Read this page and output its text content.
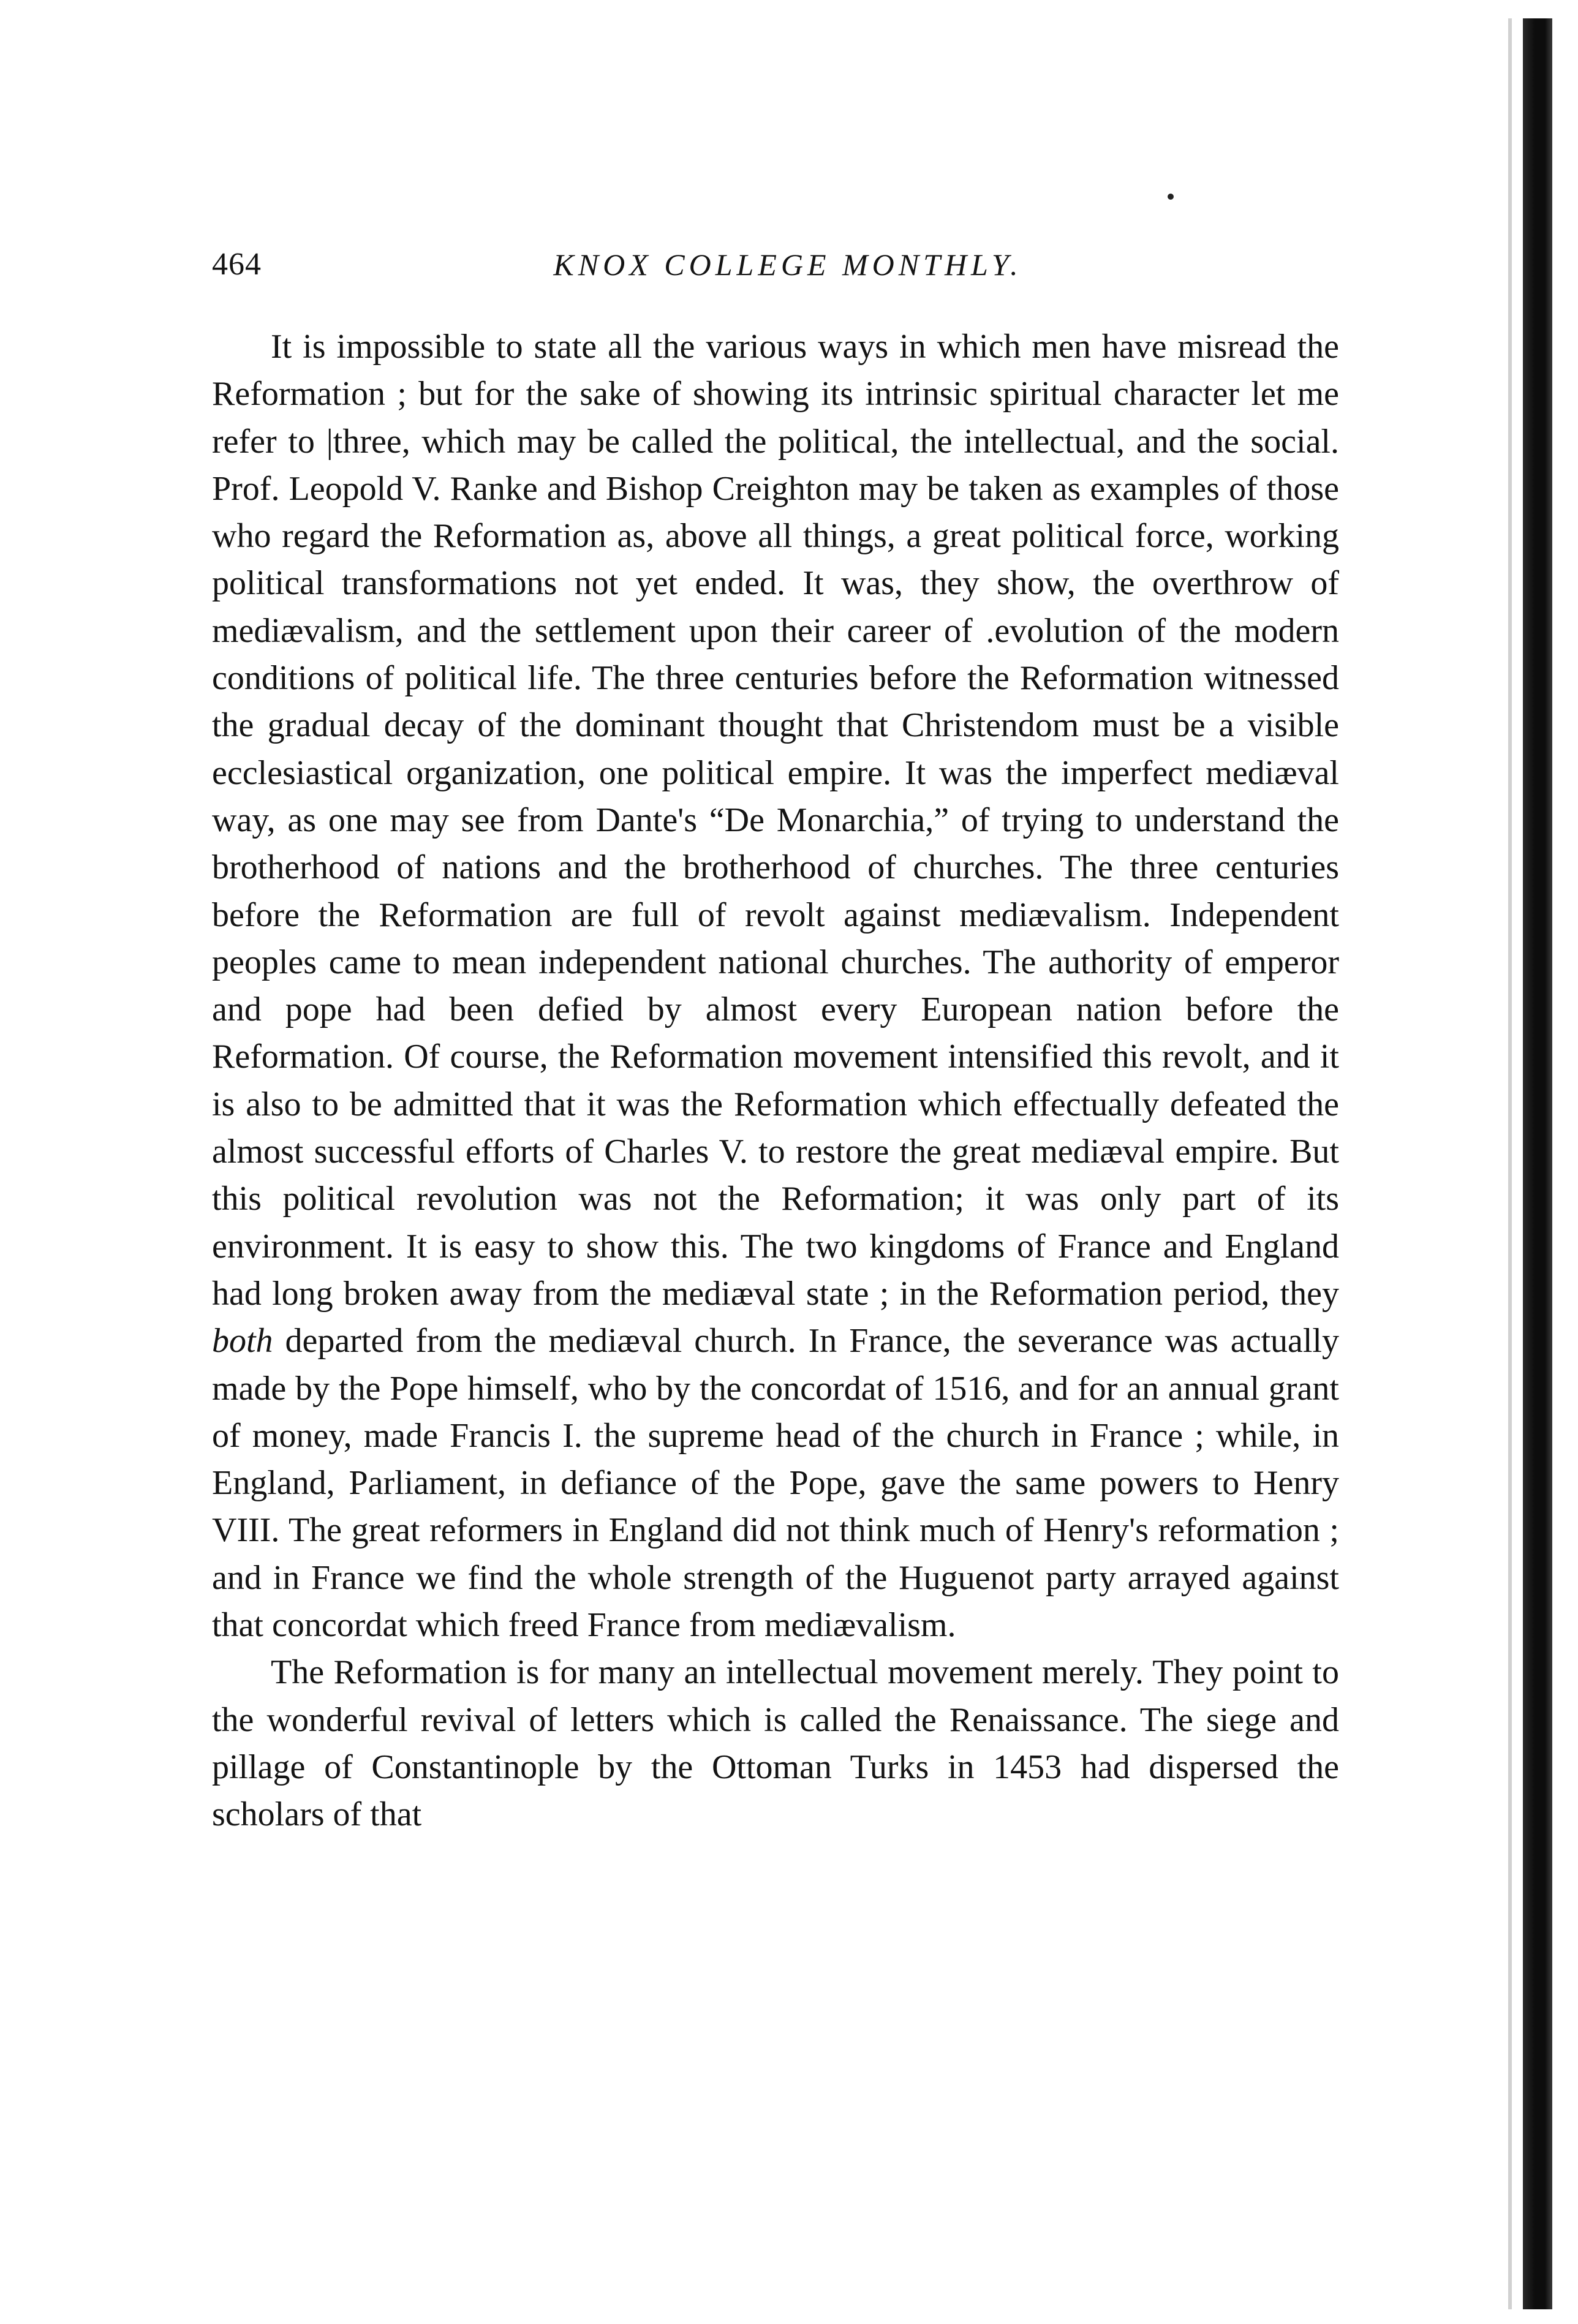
464	KNOX COLLEGE MONTHLY.

It is impossible to state all the various ways in which men have misread the Reformation ; but for the sake of showing its intrinsic spiritual character let me refer to |three, which may be called the political, the intellectual, and the social. Prof. Leopold V. Ranke and Bishop Creighton may be taken as examples of those who regard the Reformation as, above all things, a great political force, working political transformations not yet ended. It was, they show, the overthrow of mediævalism, and the settlement upon their career of .evolution of the modern conditions of political life. The three centuries before the Reformation witnessed the gradual decay of the dominant thought that Christendom must be a visible ecclesiastical organization, one political empire. It was the imperfect mediæval way, as one may see from Dante's “De Monarchia,” of trying to understand the brotherhood of nations and the brotherhood of churches. The three centuries before the Reformation are full of revolt against mediævalism. Independent peoples came to mean independent national churches. The authority of emperor and pope had been defied by almost every European nation before the Reformation. Of course, the Reformation movement intensified this revolt, and it is also to be admitted that it was the Reformation which effectually defeated the almost successful efforts of Charles V. to restore the great mediæval empire. But this political revolution was not the Reformation; it was only part of its environment. It is easy to show this. The two kingdoms of France and England had long broken away from the mediæval state ; in the Reformation period, they both departed from the mediæval church. In France, the severance was actually made by the Pope himself, who by the concordat of 1516, and for an annual grant of money, made Francis I. the supreme head of the church in France ; while, in England, Parliament, in defiance of the Pope, gave the same powers to Henry VIII. The great reformers in England did not think much of Henry's reformation ; and in France we find the whole strength of the Huguenot party arrayed against that concordat which freed France from mediævalism.

The Reformation is for many an intellectual movement merely. They point to the wonderful revival of letters which is called the Renaissance. The siege and pillage of Constantinople by the Ottoman Turks in 1453 had dispersed the scholars of that
